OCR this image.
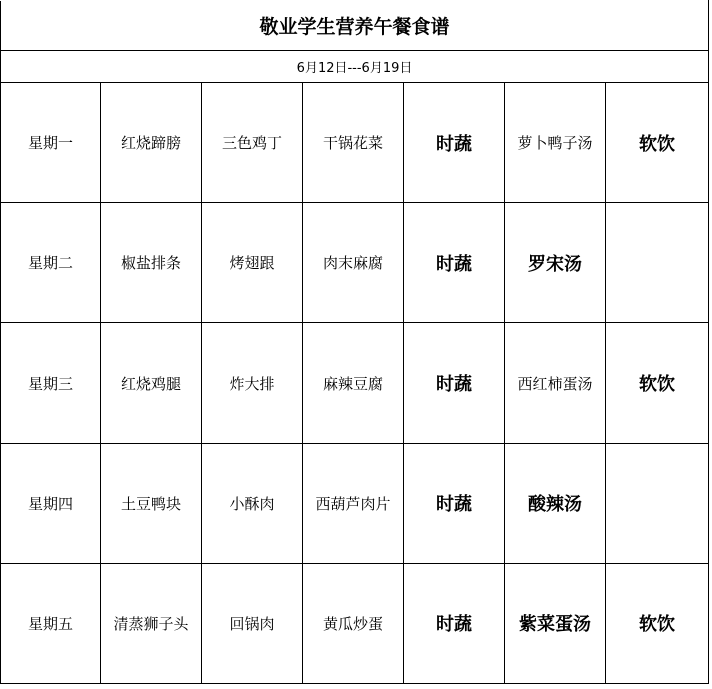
敬业学生营养午餐食谱						
6月12日---6月19日						
星期一	红烧蹄膀	三色鸡丁	干锅花菜	时蔬	萝卜鸭子汤	软饮
星期二	椒盐排条	烤翅跟	肉末麻腐	时蔬	罗宋汤	
星期三	红烧鸡腿	炸大排	麻辣豆腐	时蔬	西红柿蛋汤	软饮
星期四	土豆鸭块	小酥肉	西葫芦肉片	时蔬	酸辣汤	
星期五	清蒸狮子头	回锅肉	黄瓜炒蛋	时蔬	紫菜蛋汤	软饮
